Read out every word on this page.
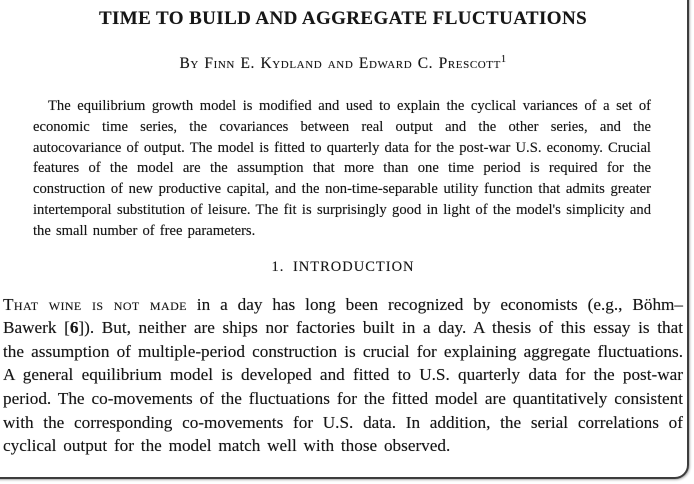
TIME TO BUILD AND AGGREGATE FLUCTUATIONS
By Finn E. Kydland and Edward C. Prescott$^1$

The equilibrium growth model is modified and used to explain the cyclical variances of a set of economic time series, the covariances between real output and the other series, and the autocovariance of output. The model is fitted to quarterly data for the post-war U.S. economy. Crucial features of the model are the assumption that more than one time period is required for the construction of new productive capital, and the non-time-separable utility function that admits greater intertemporal substitution of leisure. The fit is surprisingly good in light of the model's simplicity and the small number of free parameters.

1. INTRODUCTION

That wine is not made in a day has long been recognized by economists (e.g., Böhm–Bawerk [6]). But, neither are ships nor factories built in a day. A thesis of this essay is that the assumption of multiple-period construction is crucial for explaining aggregate fluctuations. A general equilibrium model is developed and fitted to U.S. quarterly data for the post-war period. The co-movements of the fluctuations for the fitted model are quantitatively consistent with the corresponding co-movements for U.S. data. In addition, the serial correlations of cyclical output for the model match well with those observed.
